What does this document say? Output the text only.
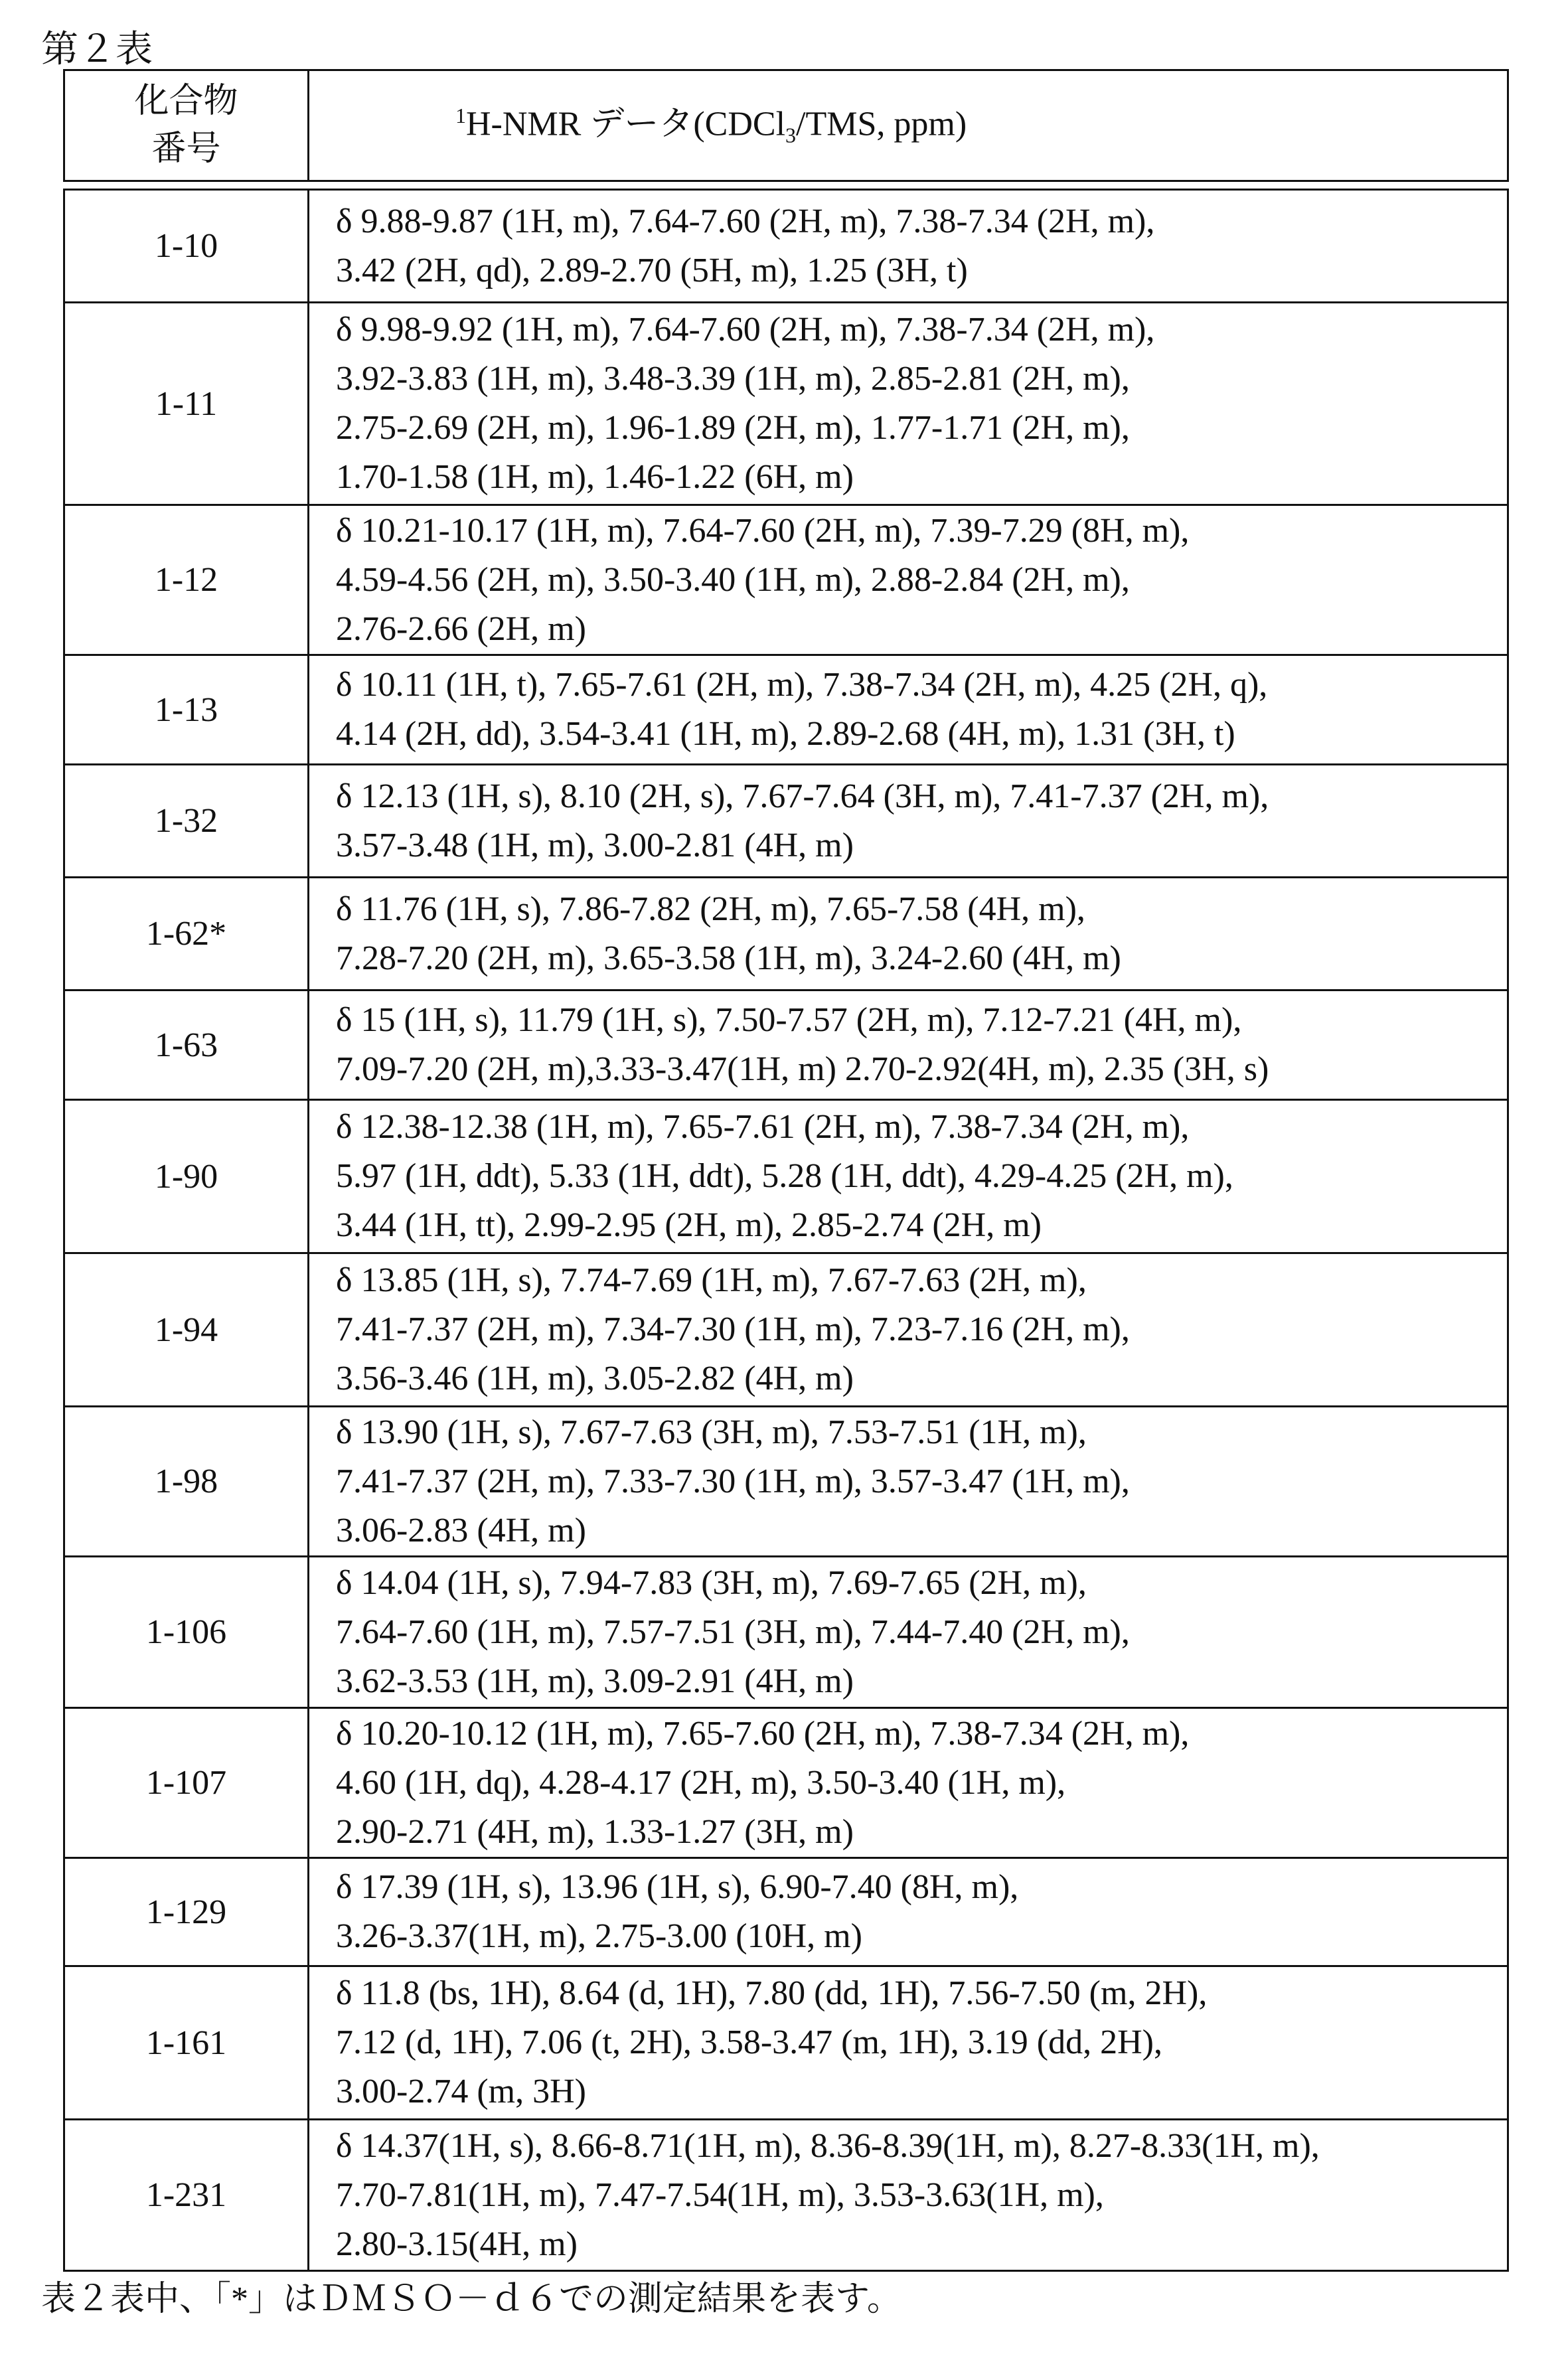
第２表
化合物
番号
	1H-NMR データ(CDCl3/TMS, ppm)

1-10	
δ 9.88-9.87 (1H, m), 7.64-7.60 (2H, m), 7.38-7.34 (2H, m),
3.42 (2H, qd), 2.89-2.70 (5H, m), 1.25 (3H, t)

1-11	
δ 9.98-9.92 (1H, m), 7.64-7.60 (2H, m), 7.38-7.34 (2H, m),
3.92-3.83 (1H, m), 3.48-3.39 (1H, m), 2.85-2.81 (2H, m),
2.75-2.69 (2H, m), 1.96-1.89 (2H, m), 1.77-1.71 (2H, m),
1.70-1.58 (1H, m), 1.46-1.22 (6H, m)

1-12	
δ 10.21-10.17 (1H, m), 7.64-7.60 (2H, m), 7.39-7.29 (8H, m),
4.59-4.56 (2H, m), 3.50-3.40 (1H, m), 2.88-2.84 (2H, m),
2.76-2.66 (2H, m)

1-13	
δ 10.11 (1H, t), 7.65-7.61 (2H, m), 7.38-7.34 (2H, m), 4.25 (2H, q),
4.14 (2H, dd), 3.54-3.41 (1H, m), 2.89-2.68 (4H, m), 1.31 (3H, t)

1-32	
δ 12.13 (1H, s), 8.10 (2H, s), 7.67-7.64 (3H, m), 7.41-7.37 (2H, m),
3.57-3.48 (1H, m), 3.00-2.81 (4H, m)

1-62*	
δ 11.76 (1H, s), 7.86-7.82 (2H, m), 7.65-7.58 (4H, m),
7.28-7.20 (2H, m), 3.65-3.58 (1H, m), 3.24-2.60 (4H, m)

1-63	
δ 15 (1H, s), 11.79 (1H, s), 7.50-7.57 (2H, m), 7.12-7.21 (4H, m),
7.09-7.20 (2H, m),3.33-3.47(1H, m) 2.70-2.92(4H, m), 2.35 (3H, s)

1-90	
δ 12.38-12.38 (1H, m), 7.65-7.61 (2H, m), 7.38-7.34 (2H, m),
5.97 (1H, ddt), 5.33 (1H, ddt), 5.28 (1H, ddt), 4.29-4.25 (2H, m),
3.44 (1H, tt), 2.99-2.95 (2H, m), 2.85-2.74 (2H, m)

1-94	
δ 13.85 (1H, s), 7.74-7.69 (1H, m), 7.67-7.63 (2H, m),
7.41-7.37 (2H, m), 7.34-7.30 (1H, m), 7.23-7.16 (2H, m),
3.56-3.46 (1H, m), 3.05-2.82 (4H, m)

1-98	
δ 13.90 (1H, s), 7.67-7.63 (3H, m), 7.53-7.51 (1H, m),
7.41-7.37 (2H, m), 7.33-7.30 (1H, m), 3.57-3.47 (1H, m),
3.06-2.83 (4H, m)

1-106	
δ 14.04 (1H, s), 7.94-7.83 (3H, m), 7.69-7.65 (2H, m),
7.64-7.60 (1H, m), 7.57-7.51 (3H, m), 7.44-7.40 (2H, m),
3.62-3.53 (1H, m), 3.09-2.91 (4H, m)

1-107	
δ 10.20-10.12 (1H, m), 7.65-7.60 (2H, m), 7.38-7.34 (2H, m),
4.60 (1H, dq), 4.28-4.17 (2H, m), 3.50-3.40 (1H, m),
2.90-2.71 (4H, m), 1.33-1.27 (3H, m)

1-129	
δ 17.39 (1H, s), 13.96 (1H, s), 6.90-7.40 (8H, m),
3.26-3.37(1H, m), 2.75-3.00 (10H, m)

1-161	
δ 11.8 (bs, 1H), 8.64 (d, 1H), 7.80 (dd, 1H), 7.56-7.50 (m, 2H),
7.12 (d, 1H), 7.06 (t, 2H), 3.58-3.47 (m, 1H), 3.19 (dd, 2H),
3.00-2.74 (m, 3H)

1-231	
δ 14.37(1H, s), 8.66-8.71(1H, m), 8.36-8.39(1H, m), 8.27-8.33(1H, m),
7.70-7.81(1H, m), 7.47-7.54(1H, m), 3.53-3.63(1H, m),
2.80-3.15(4H, m)
表２表中、「*」はＤＭＳＯ－ｄ６での測定結果を表す。
